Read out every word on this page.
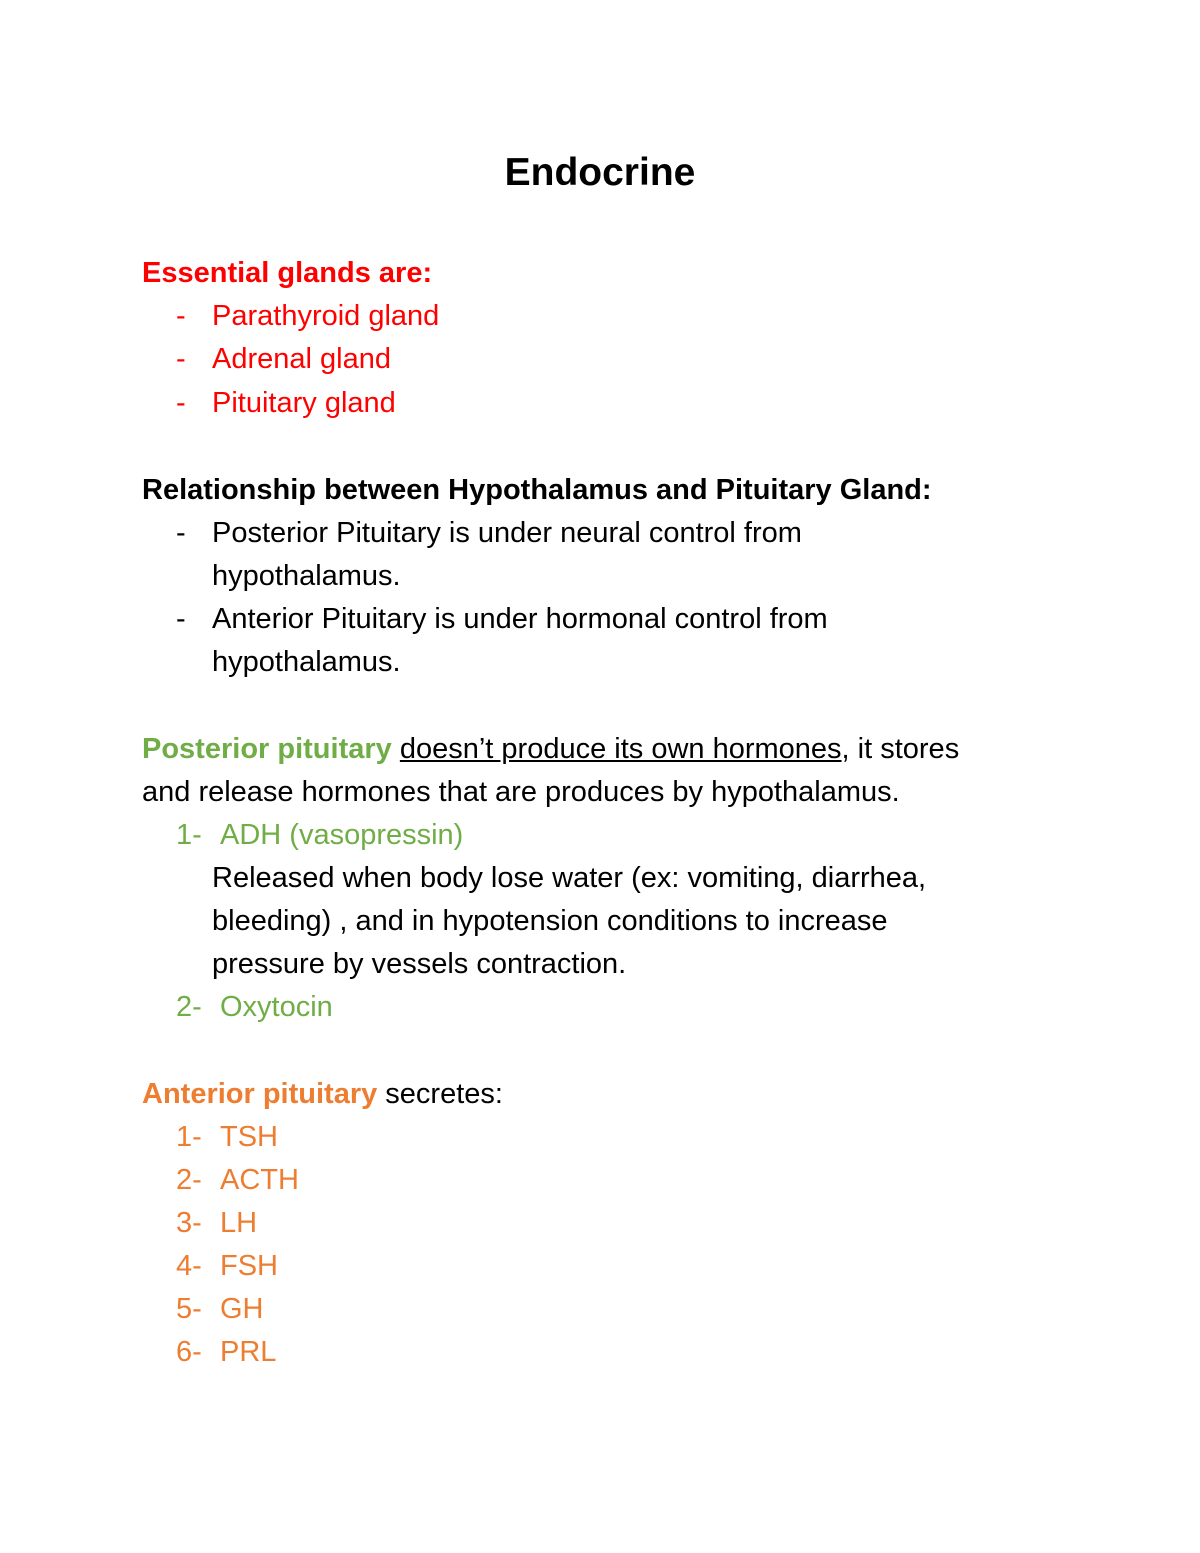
Endocrine
Essential glands are:
- Parathyroid gland
- Adrenal gland
- Pituitary gland
Relationship between Hypothalamus and Pituitary Gland:
- Posterior Pituitary is under neural control from
hypothalamus.
- Anterior Pituitary is under hormonal control from
hypothalamus.
Posterior pituitary doesn’t produce its own hormones, it stores
and release hormones that are produces by hypothalamus.
1- ADH (vasopressin)
Released when body lose water (ex: vomiting, diarrhea,
bleeding) , and in hypotension conditions to increase
pressure by vessels contraction.
2- Oxytocin
Anterior pituitary secretes:
1- TSH
2- ACTH
3- LH
4- FSH
5- GH
6- PRL
